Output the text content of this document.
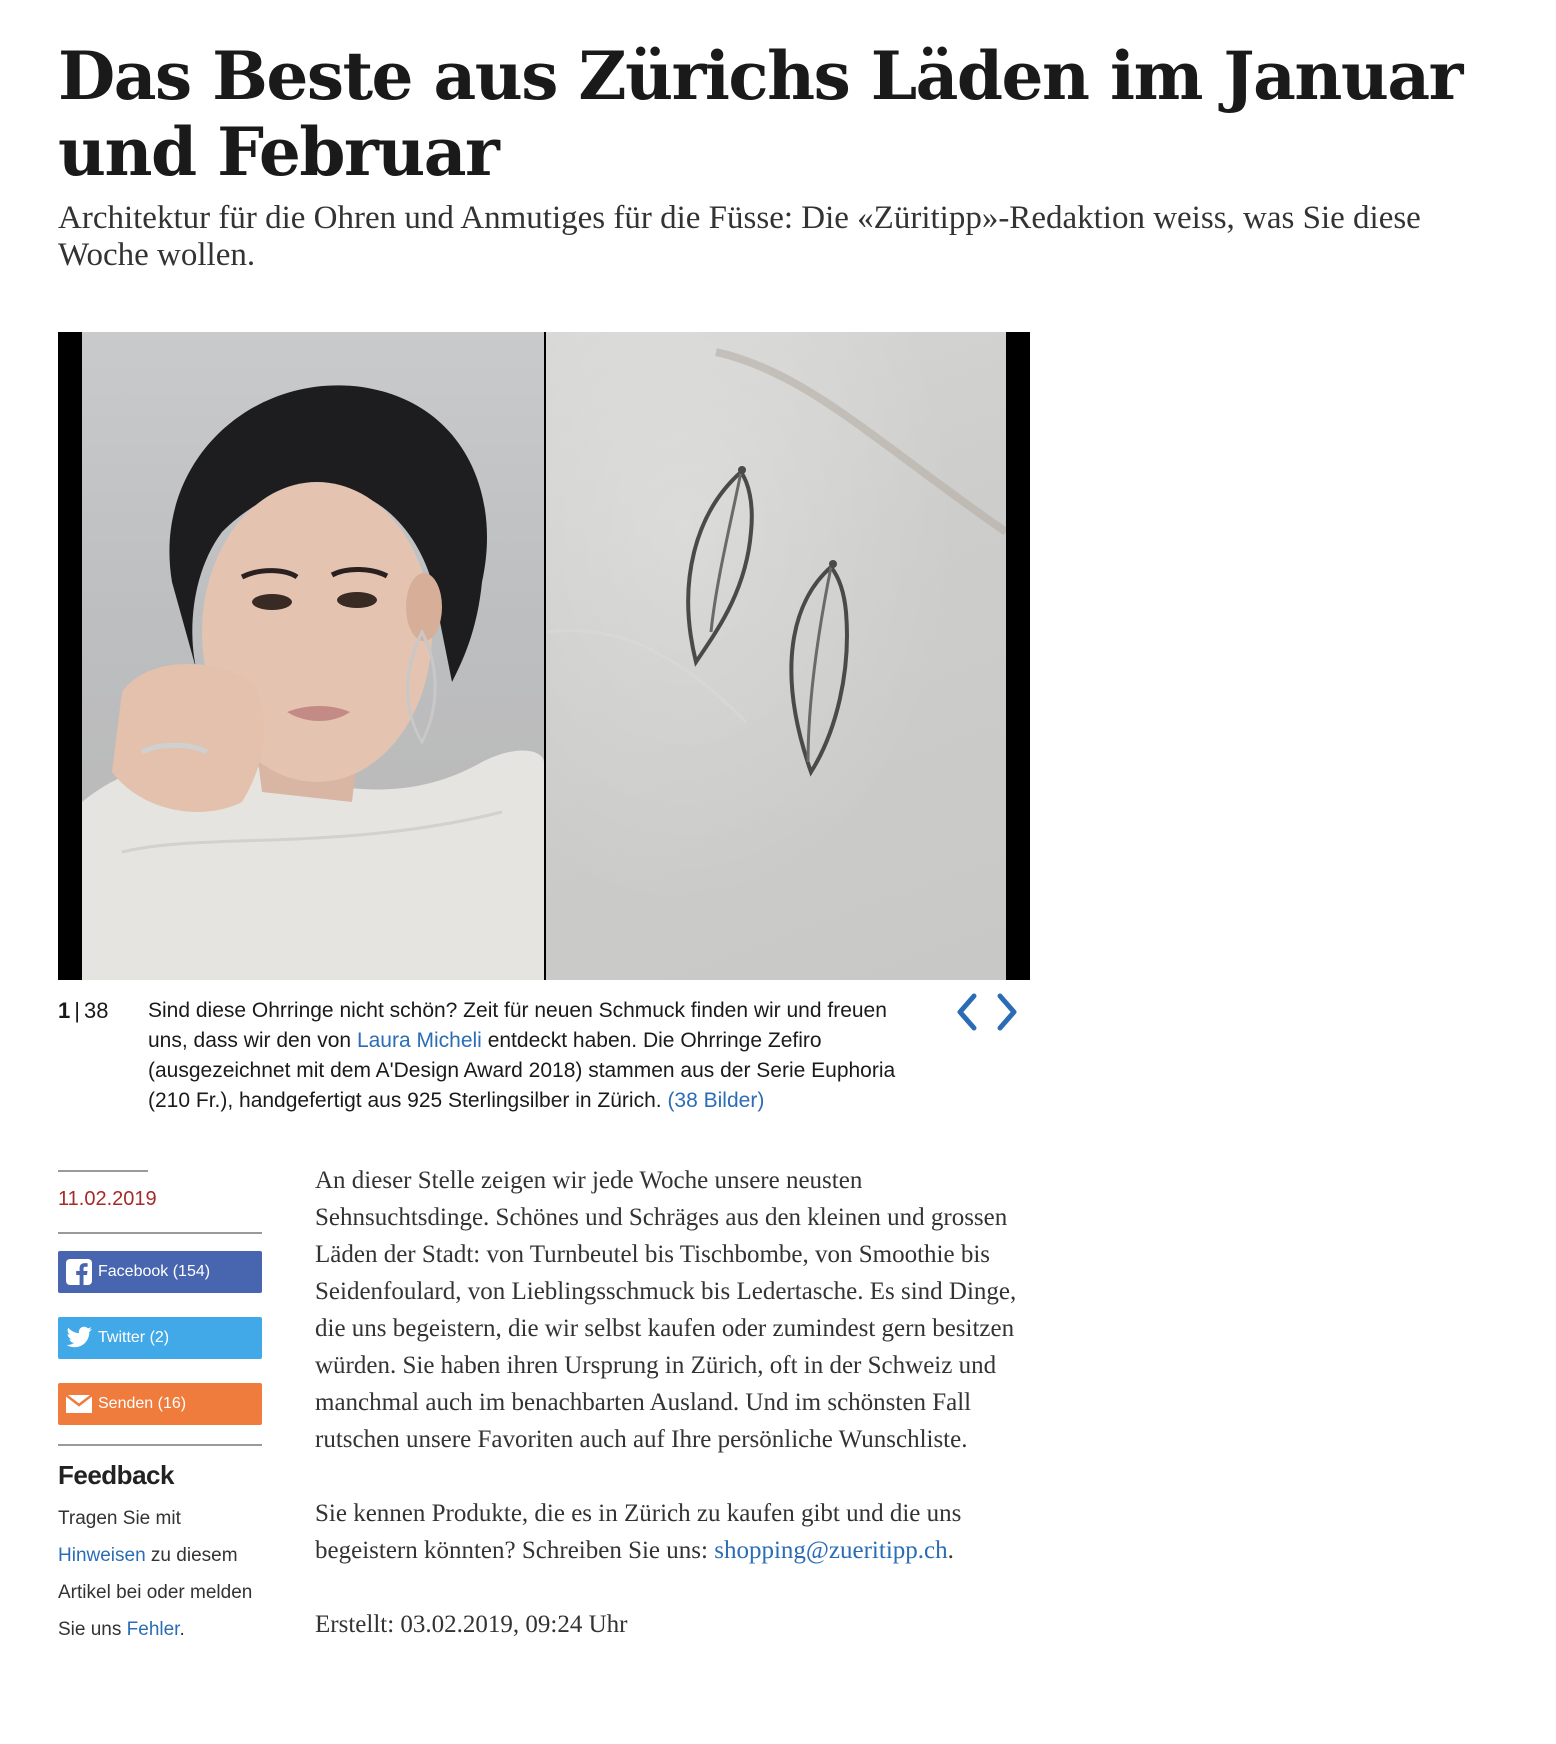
Das Beste aus Zürichs Läden im Januar und Februar

Architektur für die Ohren und Anmutiges für die Füsse: Die «Züritipp»-Redaktion weiss, was Sie diese Woche wollen.

1 | 38 Sind diese Ohrringe nicht schön? Zeit für neuen Schmuck finden wir und freuen uns, dass wir den von Laura Micheli entdeckt haben. Die Ohrringe Zefiro (ausgezeichnet mit dem A'Design Award 2018) stammen aus der Serie Euphoria (210 Fr.), handgefertigt aus 925 Sterlingsilber in Zürich. (38 Bilder)

11.02.2019
Facebook (154)
Twitter (2)
Senden (16)
Feedback

Tragen Sie mit Hinweisen zu diesem Artikel bei oder melden Sie uns Fehler.

An dieser Stelle zeigen wir jede Woche unsere neusten Sehnsuchtsdinge. Schönes und Schräges aus den kleinen und grossen Läden der Stadt: von Turnbeutel bis Tischbombe, von Smoothie bis Seidenfoulard, von Lieblingsschmuck bis Ledertasche. Es sind Dinge, die uns begeistern, die wir selbst kaufen oder zumindest gern besitzen würden. Sie haben ihren Ursprung in Zürich, oft in der Schweiz und manchmal auch im benachbarten Ausland. Und im schönsten Fall rutschen unsere Favoriten auch auf Ihre persönliche Wunschliste.

Sie kennen Produkte, die es in Zürich zu kaufen gibt und die uns begeistern könnten? Schreiben Sie uns: shopping@zueritipp.ch.

Erstellt: 03.02.2019, 09:24 Uhr
